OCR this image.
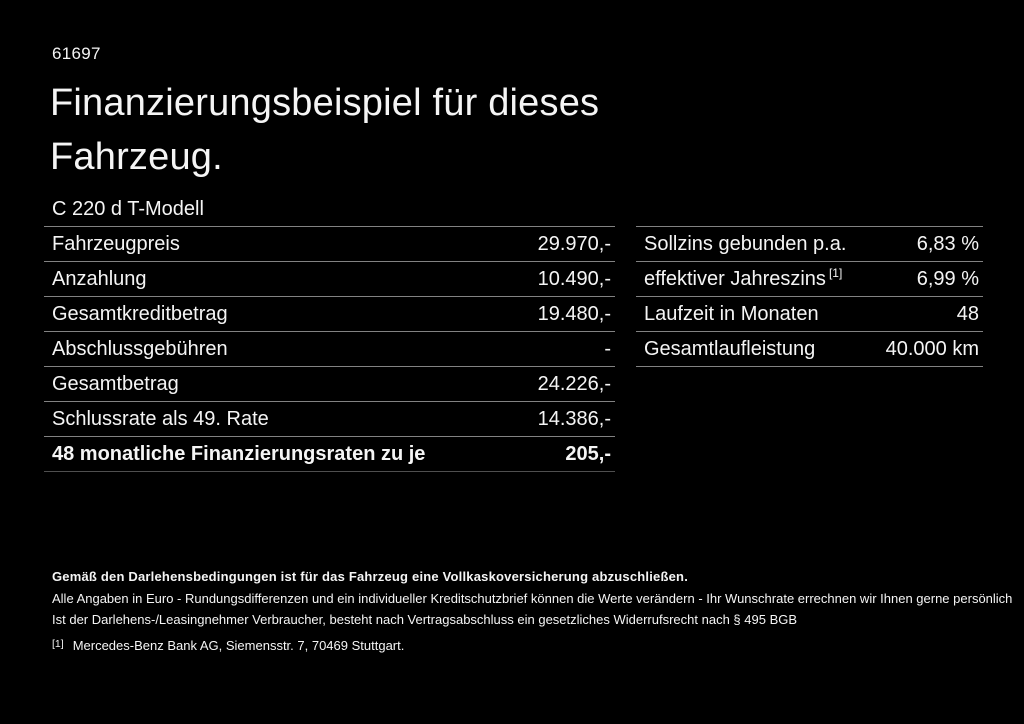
61697
Finanzierungsbeispiel für dieses Fahrzeug.
C 220 d T-Modell
Fahrzeugpreis	29.970,-
Anzahlung	10.490,-
Gesamtkreditbetrag	19.480,-
Abschlussgebühren	-
Gesamtbetrag	24.226,-
Schlussrate als 49. Rate	14.386,-
48 monatliche Finanzierungsraten zu je	205,-
Sollzins gebunden p.a.	6,83 %
effektiver Jahreszins [1]	6,99 %
Laufzeit in Monaten	48
Gesamtlaufleistung	40.000 km
Gemäß den Darlehensbedingungen ist für das Fahrzeug eine Vollkaskoversicherung abzuschließen.
Alle Angaben in Euro - Rundungsdifferenzen und ein individueller Kreditschutzbrief können die Werte verändern - Ihr Wunschrate errechnen wir Ihnen gerne persönlich
Ist der Darlehens-/Leasingnehmer Verbraucher, besteht nach Vertragsabschluss ein gesetzliches Widerrufsrecht nach § 495 BGB
[1] Mercedes-Benz Bank AG, Siemensstr. 7, 70469 Stuttgart.
